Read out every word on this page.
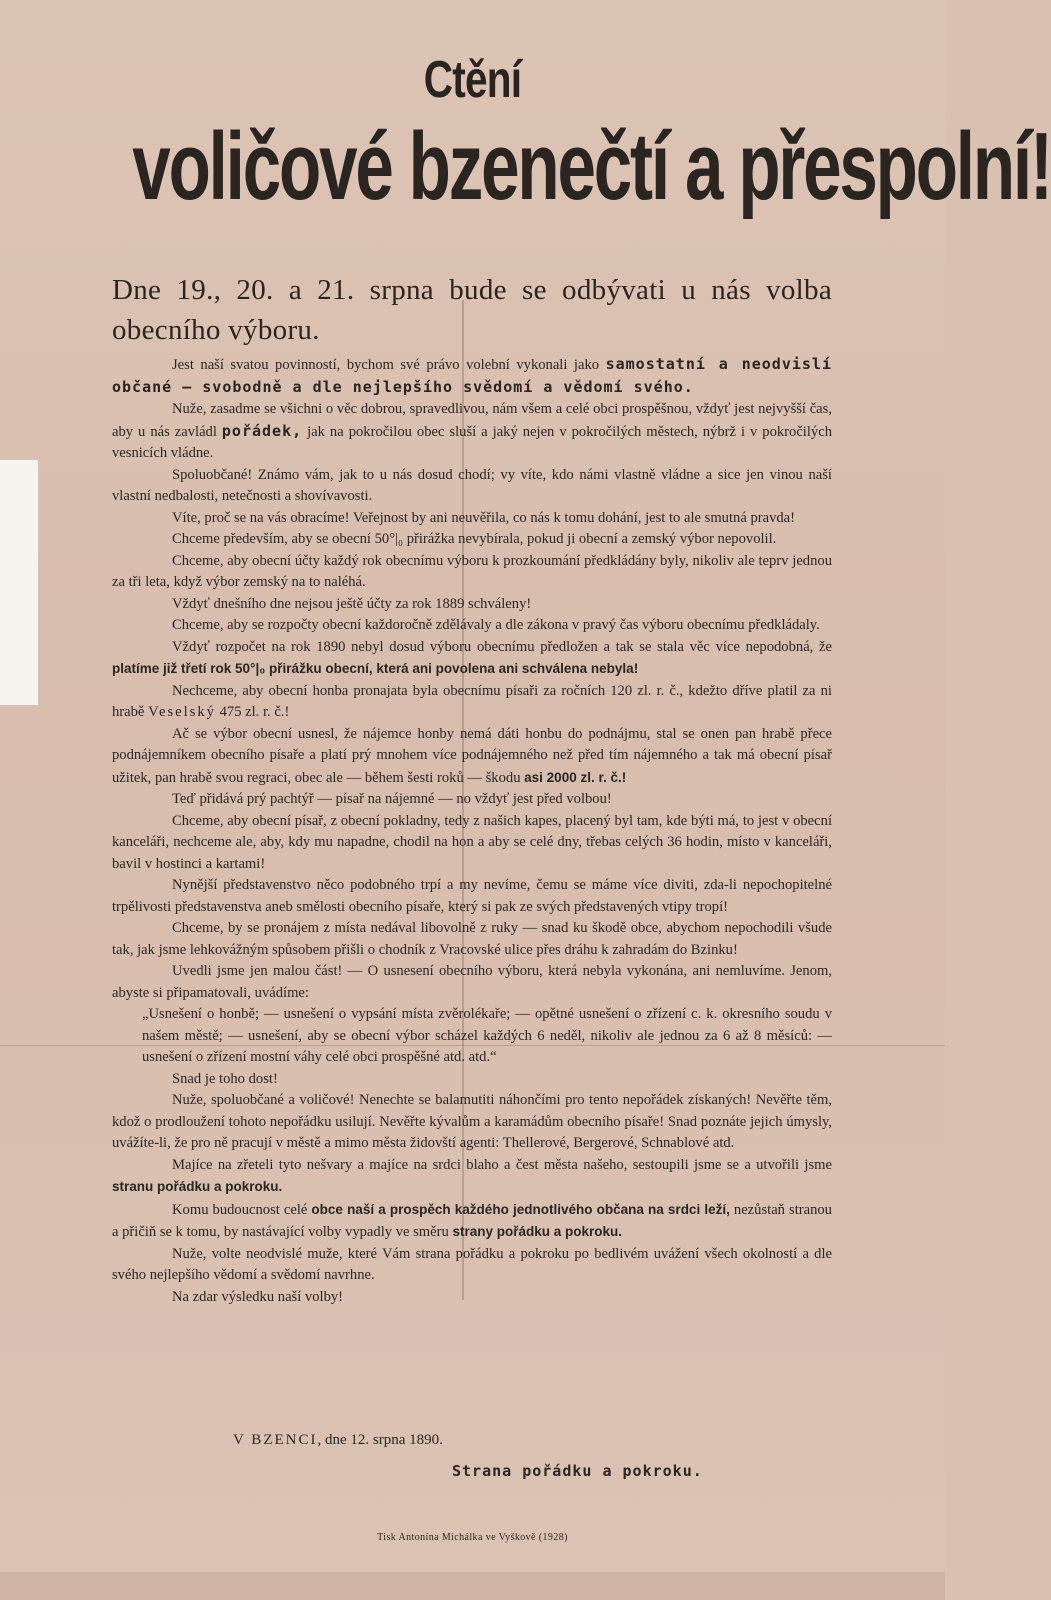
Ctění
voličové bzenečtí a přespolní!

Dne 19., 20. a 21. srpna bude se odbývati u nás volba obecního výboru.

Jest naší svatou povinností, bychom své právo volební vykonali jako samostatní a neodvislí občané — svobodně a dle nejlepšího svědomí a vědomí svého.

Nuže, zasadme se všichni o věc dobrou, spravedlivou, nám všem a celé obci prospěšnou, vždyť jest nejvyšší čas, aby u nás zavládl pořádek, jak na pokročilou obec sluší a jaký nejen v pokročilých městech, nýbrž i v pokročilých vesnicích vládne.

Spoluobčané! Známo vám, jak to u nás dosud chodí; vy víte, kdo námi vlastně vládne a sice jen vinou naší vlastní nedbalosti, netečnosti a shovívavosti.

Víte, proč se na vás obracíme! Veřejnost by ani neuvěřila, co nás k tomu dohání, jest to ale smutná pravda!

Chceme především, aby se obecní 50°|₀ přirážka nevybírala, pokud ji obecní a zemský výbor nepovolil.

Chceme, aby obecní účty každý rok obecnímu výboru k prozkoumání předkládány byly, nikoliv ale teprv jednou za tři leta, když výbor zemský na to naléhá.

Vždyť dnešního dne nejsou ještě účty za rok 1889 schváleny!

Chceme, aby se rozpočty obecní každoročně zdělávaly a dle zákona v pravý čas výboru obecnímu předkládaly.

Vždyť rozpočet na rok 1890 nebyl dosud výboru obecnímu předložen a tak se stala věc více nepodobná, že platíme již třetí rok 50°|₀ přirážku obecní, která ani povolena ani schválena nebyla!

Nechceme, aby obecní honba pronajata byla obecnímu písaři za ročních 120 zl. r. č., kdežto dříve platil za ni hrabě Veselský 475 zl. r. č.!

Ač se výbor obecní usnesl, že nájemce honby nemá dáti honbu do podnájmu, stal se onen pan hrabě přece podnájemníkem obecního písaře a platí prý mnohem více podnájemného než před tím nájemného a tak má obecní písař užitek, pan hrabě svou regraci, obec ale — během šesti roků — škodu asi 2000 zl. r. č.!

Teď přidává prý pachtýř — písař na nájemné — no vždyť jest před volbou!

Chceme, aby obecní písař, z obecní pokladny, tedy z našich kapes, placený byl tam, kde býti má, to jest v obecní kanceláři, nechceme ale, aby, kdy mu napadne, chodil na hon a aby se celé dny, třebas celých 36 hodin, místo v kanceláři, bavil v hostinci a kartami!

Nynější představenstvo něco podobného trpí a my nevíme, čemu se máme více diviti, zda-li nepochopitelné trpělivosti představenstva aneb smělosti obecního písaře, který si pak ze svých představených vtipy tropí!

Chceme, by se pronájem z místa nedával libovolně z ruky — snad ku škodě obce, abychom nepochodili všude tak, jak jsme lehkovážným spůsobem přišli o chodník z Vracovské ulice přes dráhu k zahradám do Bzinku!

Uvedli jsme jen malou část! — O usnesení obecního výboru, která nebyla vykonána, ani nemluvíme. Jenom, abyste si připamatovali, uvádíme:

„Usnešení o honbě; — usnešení o vypsání místa zvěrolékaře; — opětné usnešení o zřízení c. k. okresního soudu v našem městě; — usnešení, aby se obecní výbor scházel každých 6 neděl, nikoliv ale jednou za 6 až 8 měsíců: — usnešení o zřízení mostní váhy celé obci prospěšné atd. atd.“

Snad je toho dost!

Nuže, spoluobčané a voličové! Nenechte se balamutiti náhončími pro tento nepořádek získaných! Nevěřte těm, kdož o prodloužení tohoto nepořádku usilují. Nevěřte kývalům a karamádům obecního písaře! Snad poznáte jejich úmysly, uvážíte-li, že pro ně pracují v městě a mimo města židovští agenti: Thellerové, Bergerové, Schnablové atd.

Majíce na zřeteli tyto nešvary a majíce na srdci blaho a čest města našeho, sestoupili jsme se a utvořili jsme stranu pořádku a pokroku.

Komu budoucnost celé obce naší a prospěch každého jednotlivého občana na srdci leží, nezůstaň stranou a přičiň se k tomu, by nastávající volby vypadly ve směru strany pořádku a pokroku.

Nuže, volte neodvislé muže, které Vám strana pořádku a pokroku po bedlivém uvážení všech okolností a dle svého nejlepšího vědomí a svědomí navrhne.

Na zdar výsledku naší volby!

V BZENCI, dne 12. srpna 1890.

Strana pořádku a pokroku.

Tisk Antonína Michálka ve Vyškově (1928)
